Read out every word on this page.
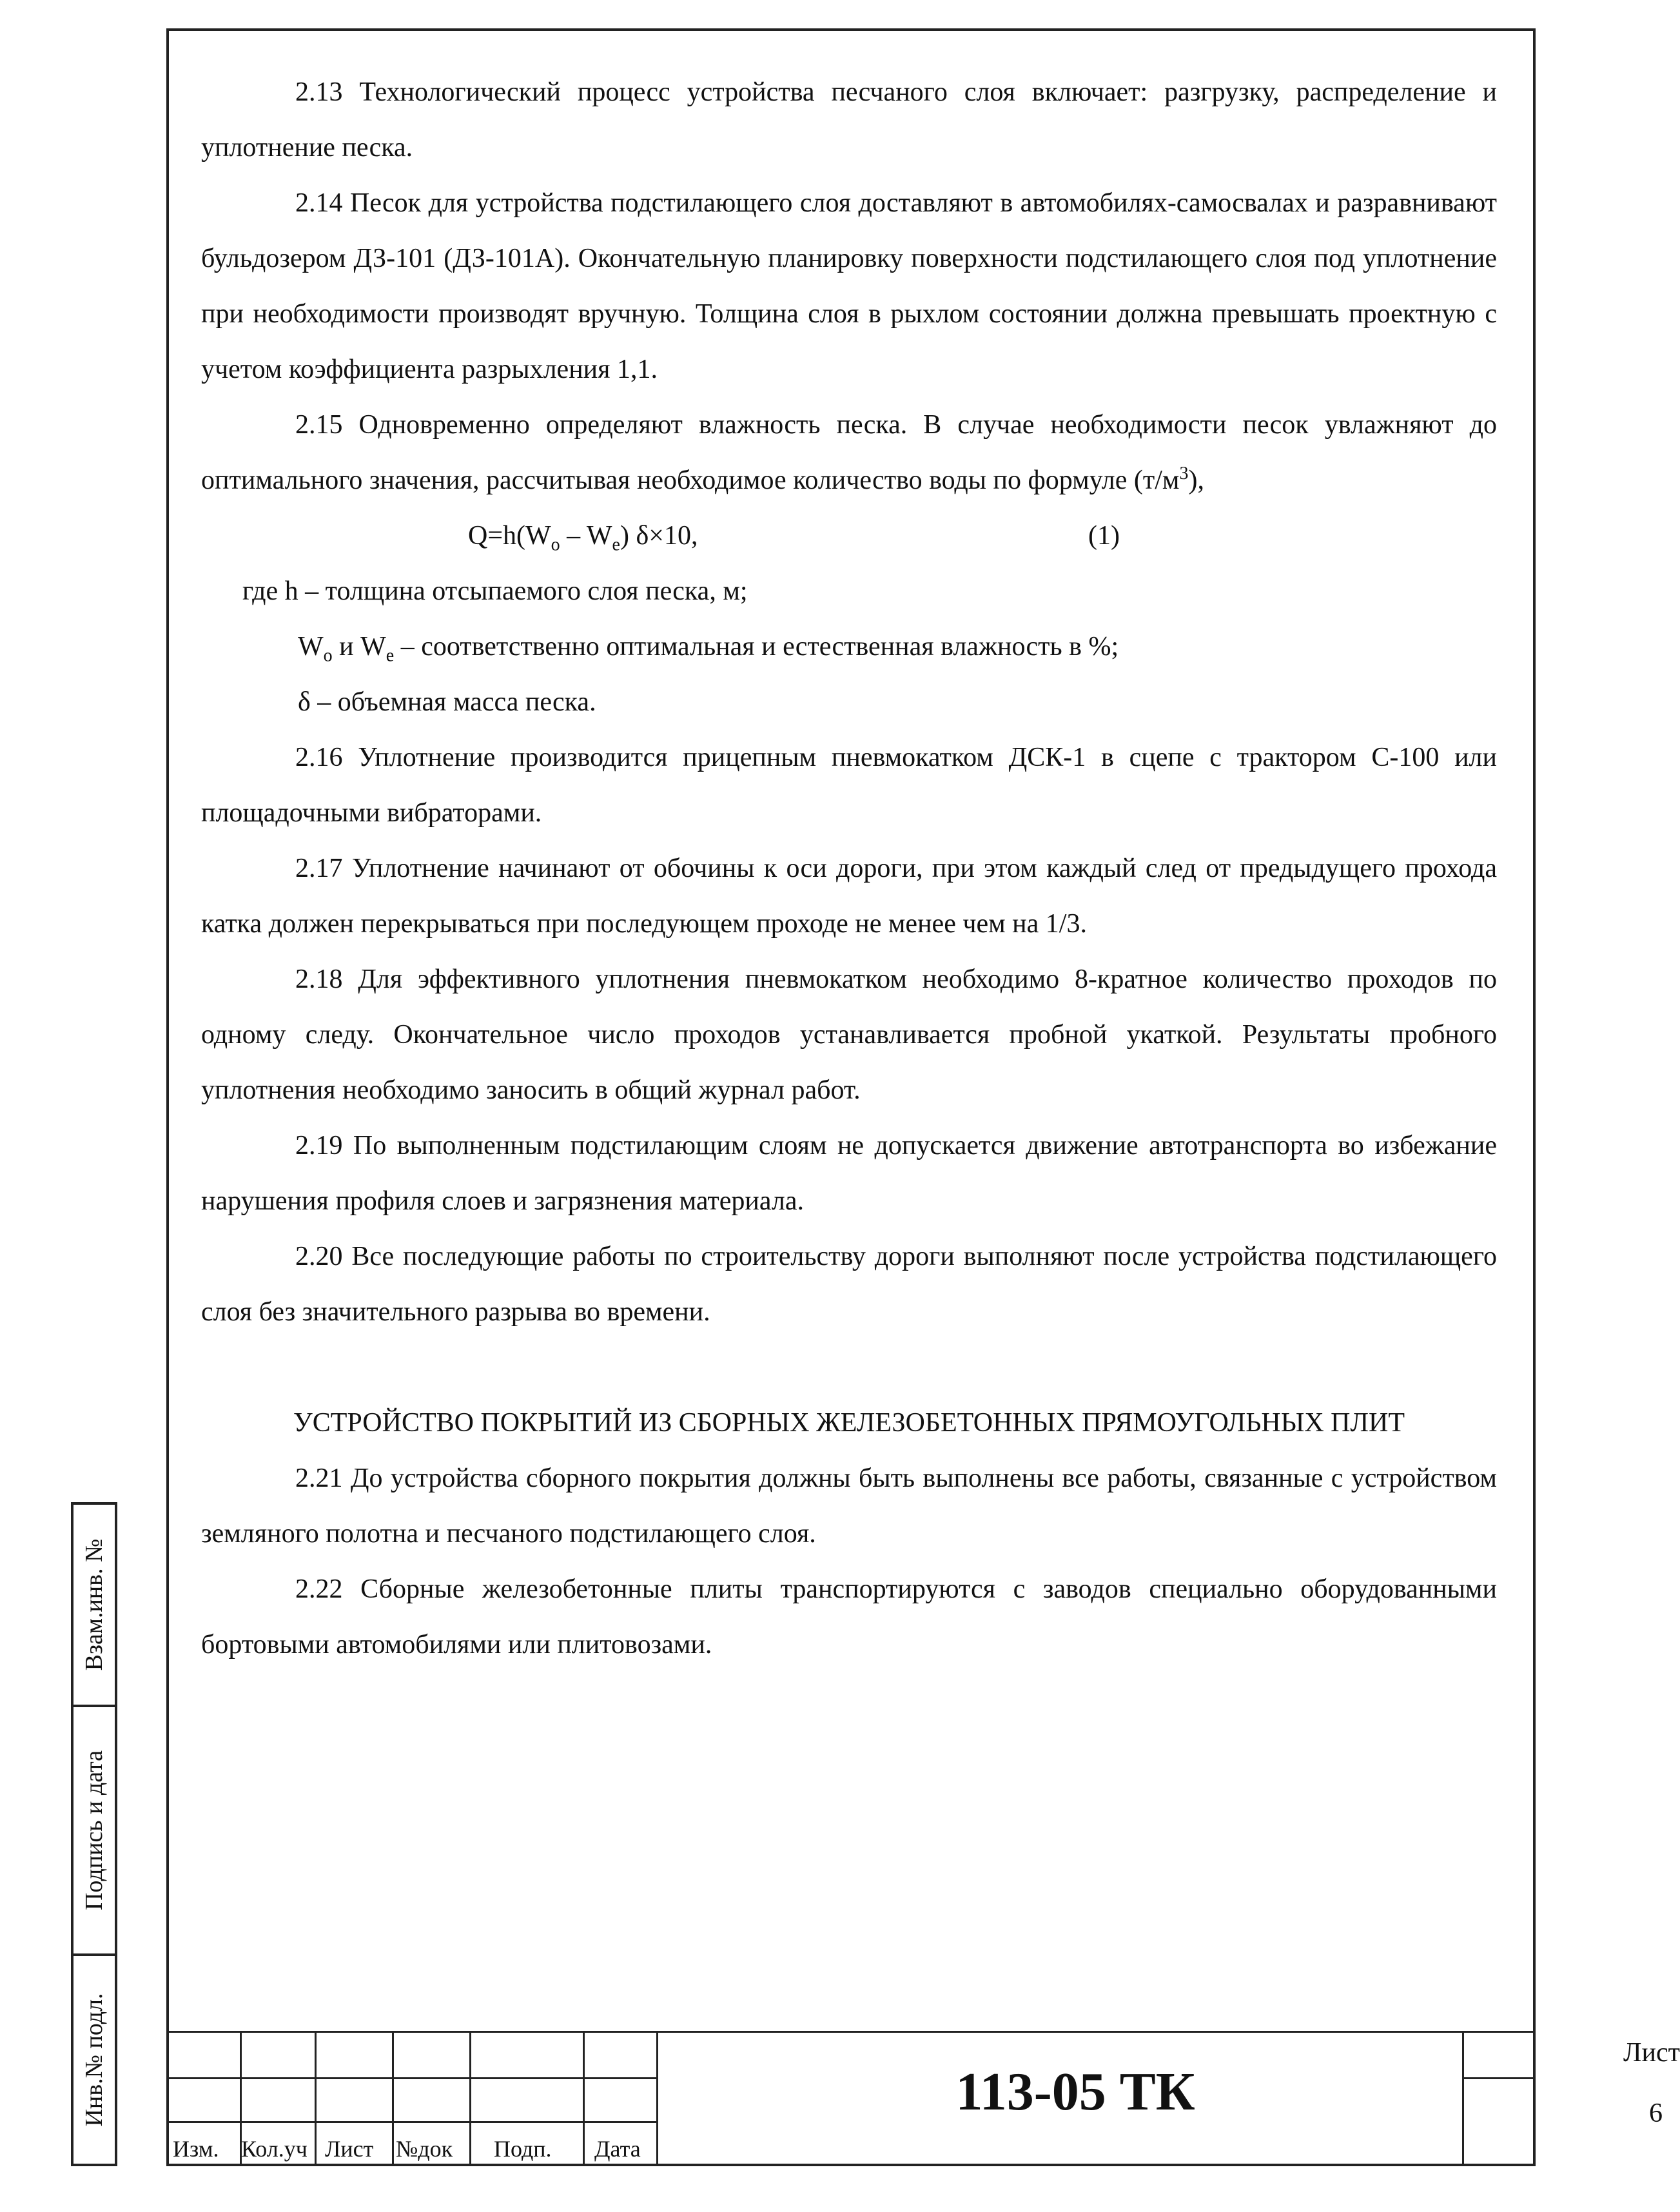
2.13 Технологический процесс устройства песчаного слоя включает: разгрузку, распределение и уплотнение песка.

2.14 Песок для устройства подстилающего слоя доставляют в автомобилях-самосвалах и разравнивают бульдозером ДЗ-101 (ДЗ-101А). Окончательную планировку поверхности подстилающего слоя под уплотнение при необходимости производят вручную. Толщина слоя в рыхлом состоянии должна превышать проектную с учетом коэффициента разрыхления 1,1.

2.15 Одновременно определяют влажность песка. В случае необходимости песок увлажняют до оптимального значения, рассчитывая необходимое количество воды по формуле $(т/м^3)$,

$Q=h(W_o - W_e)$ δ×10,	(1)

где h – толщина отсыпаемого слоя песка, м;

$W_o$ и $W_e$ – соответственно оптимальная и естественная влажность в %;

δ – объемная масса песка.

2.16 Уплотнение производится прицепным пневмокатком ДСК-1 в сцепе с трактором С-100 или площадочными вибраторами.

2.17 Уплотнение начинают от обочины к оси дороги, при этом каждый след от предыдущего прохода катка должен перекрываться при последующем проходе не менее чем на 1/3.

2.18 Для эффективного уплотнения пневмокатком необходимо 8-кратное количество проходов по одному следу. Окончательное число проходов устанавливается пробной укаткой. Результаты пробного уплотнения необходимо заносить в общий журнал работ.

2.19 По выполненным подстилающим слоям не допускается движение автотранспорта во избежание нарушения профиля слоев и загрязнения материала.

2.20 Все последующие работы по строительству дороги выполняют после устройства подстилающего слоя без значительного разрыва во времени.

УСТРОЙСТВО ПОКРЫТИЙ ИЗ СБОРНЫХ ЖЕЛЕЗОБЕТОННЫХ ПРЯМОУГОЛЬНЫХ ПЛИТ

2.21 До устройства сборного покрытия должны быть выполнены все работы, связанные с устройством земляного полотна и песчаного подстилающего слоя.

2.22 Сборные железобетонные плиты транспортируются с заводов специально оборудованными бортовыми автомобилями или плитовозами.

Взам.инв. №
Подпись и дата
Инв.№ подл.
Изм. Кол.уч Лист №док Подп. Дата
113-05 ТК
Лист
6
